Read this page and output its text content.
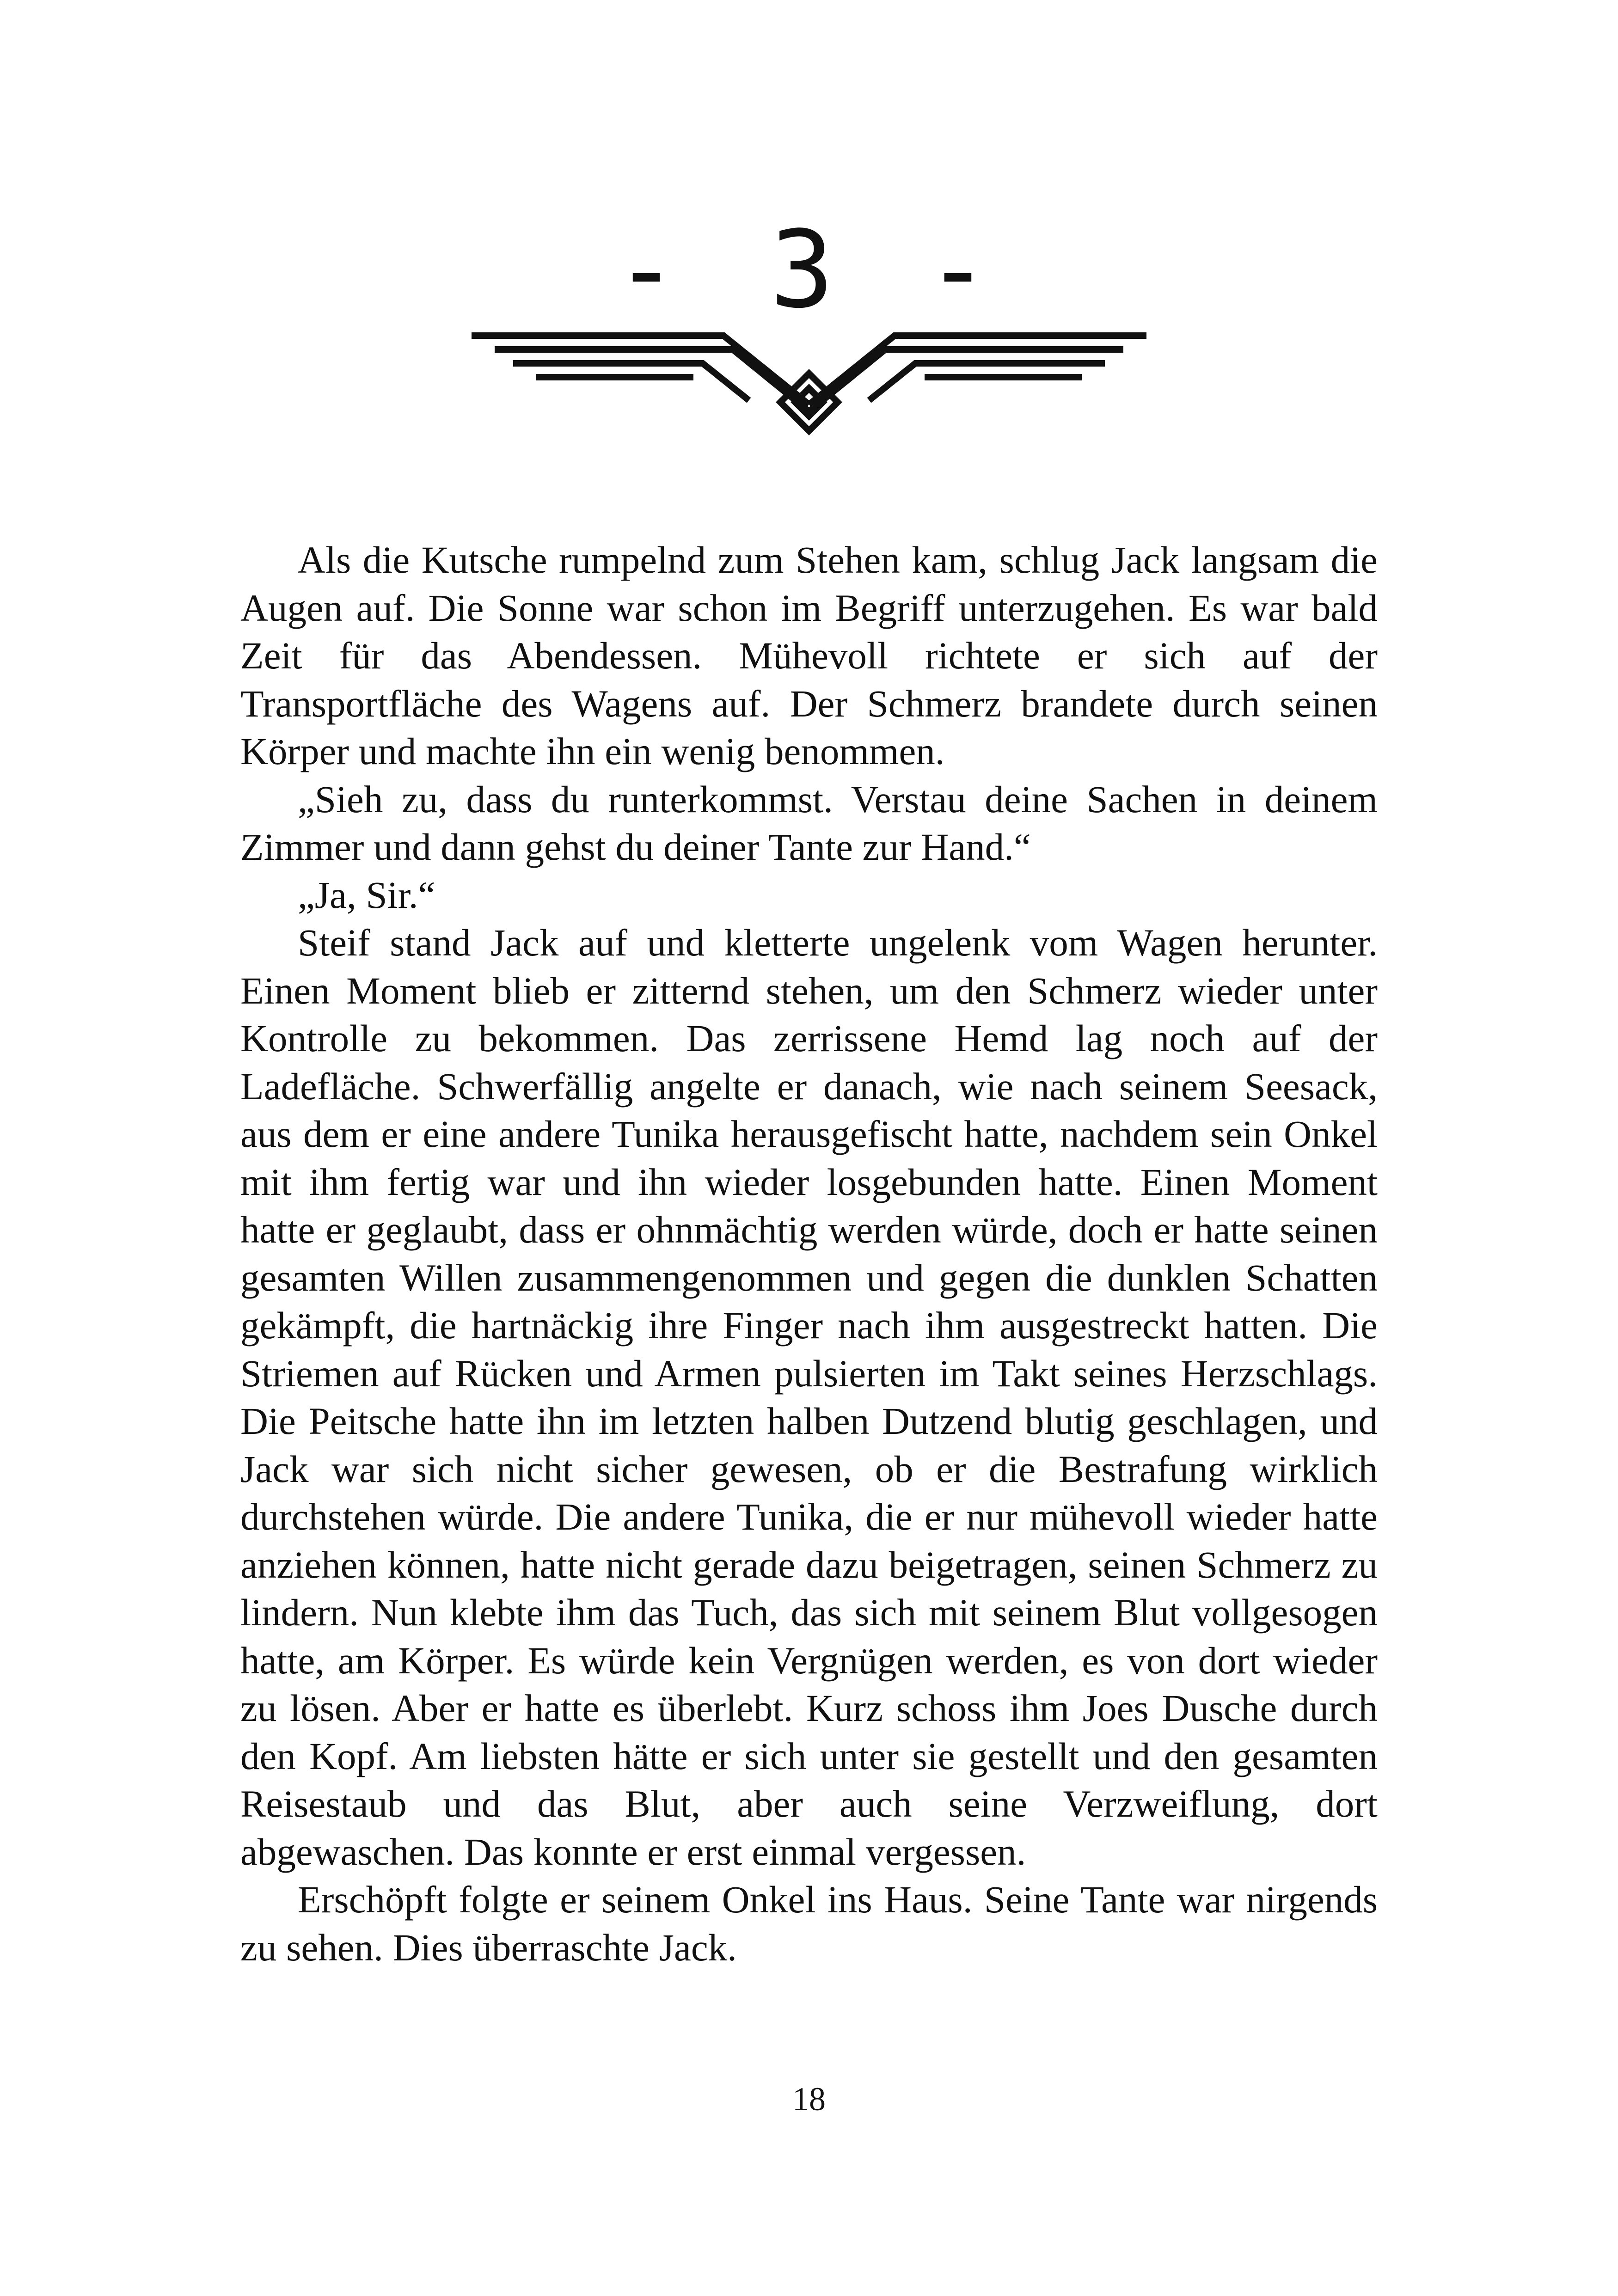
- 3 -

Als die Kutsche rumpelnd zum Stehen kam, schlug Jack langsam die Augen auf. Die Sonne war schon im Begriff unterzugehen. Es war bald Zeit für das Abendessen. Mühevoll richtete er sich auf der Transportfläche des Wagens auf. Der Schmerz brandete durch seinen Körper und machte ihn ein wenig benommen.

„Sieh zu, dass du runterkommst. Verstau deine Sachen in deinem Zimmer und dann gehst du deiner Tante zur Hand.“

„Ja, Sir.“

Steif stand Jack auf und kletterte ungelenk vom Wagen herunter. Einen Moment blieb er zitternd stehen, um den Schmerz wieder unter Kontrolle zu bekommen. Das zerrissene Hemd lag noch auf der Ladefläche. Schwerfällig angelte er danach, wie nach seinem Seesack, aus dem er eine andere Tunika herausgefischt hatte, nachdem sein Onkel mit ihm fertig war und ihn wieder losgebunden hatte. Einen Moment hatte er geglaubt, dass er ohnmächtig werden würde, doch er hatte seinen gesamten Willen zusammengenommen und gegen die dunklen Schatten gekämpft, die hartnäckig ihre Finger nach ihm ausgestreckt hatten. Die Striemen auf Rücken und Armen pulsierten im Takt seines Herzschlags. Die Peitsche hatte ihn im letzten halben Dutzend blutig geschlagen, und Jack war sich nicht sicher gewesen, ob er die Bestrafung wirklich durchstehen würde. Die andere Tunika, die er nur mühevoll wieder hatte anziehen können, hatte nicht gerade dazu beigetragen, seinen Schmerz zu lindern. Nun klebte ihm das Tuch, das sich mit seinem Blut vollgesogen hatte, am Körper. Es würde kein Vergnügen werden, es von dort wieder zu lösen. Aber er hatte es überlebt. Kurz schoss ihm Joes Dusche durch den Kopf. Am liebsten hätte er sich unter sie gestellt und den gesamten Reisestaub und das Blut, aber auch seine Verzweiflung, dort abgewaschen. Das konnte er erst einmal vergessen.

Erschöpft folgte er seinem Onkel ins Haus. Seine Tante war nirgends zu sehen. Dies überraschte Jack.

18
